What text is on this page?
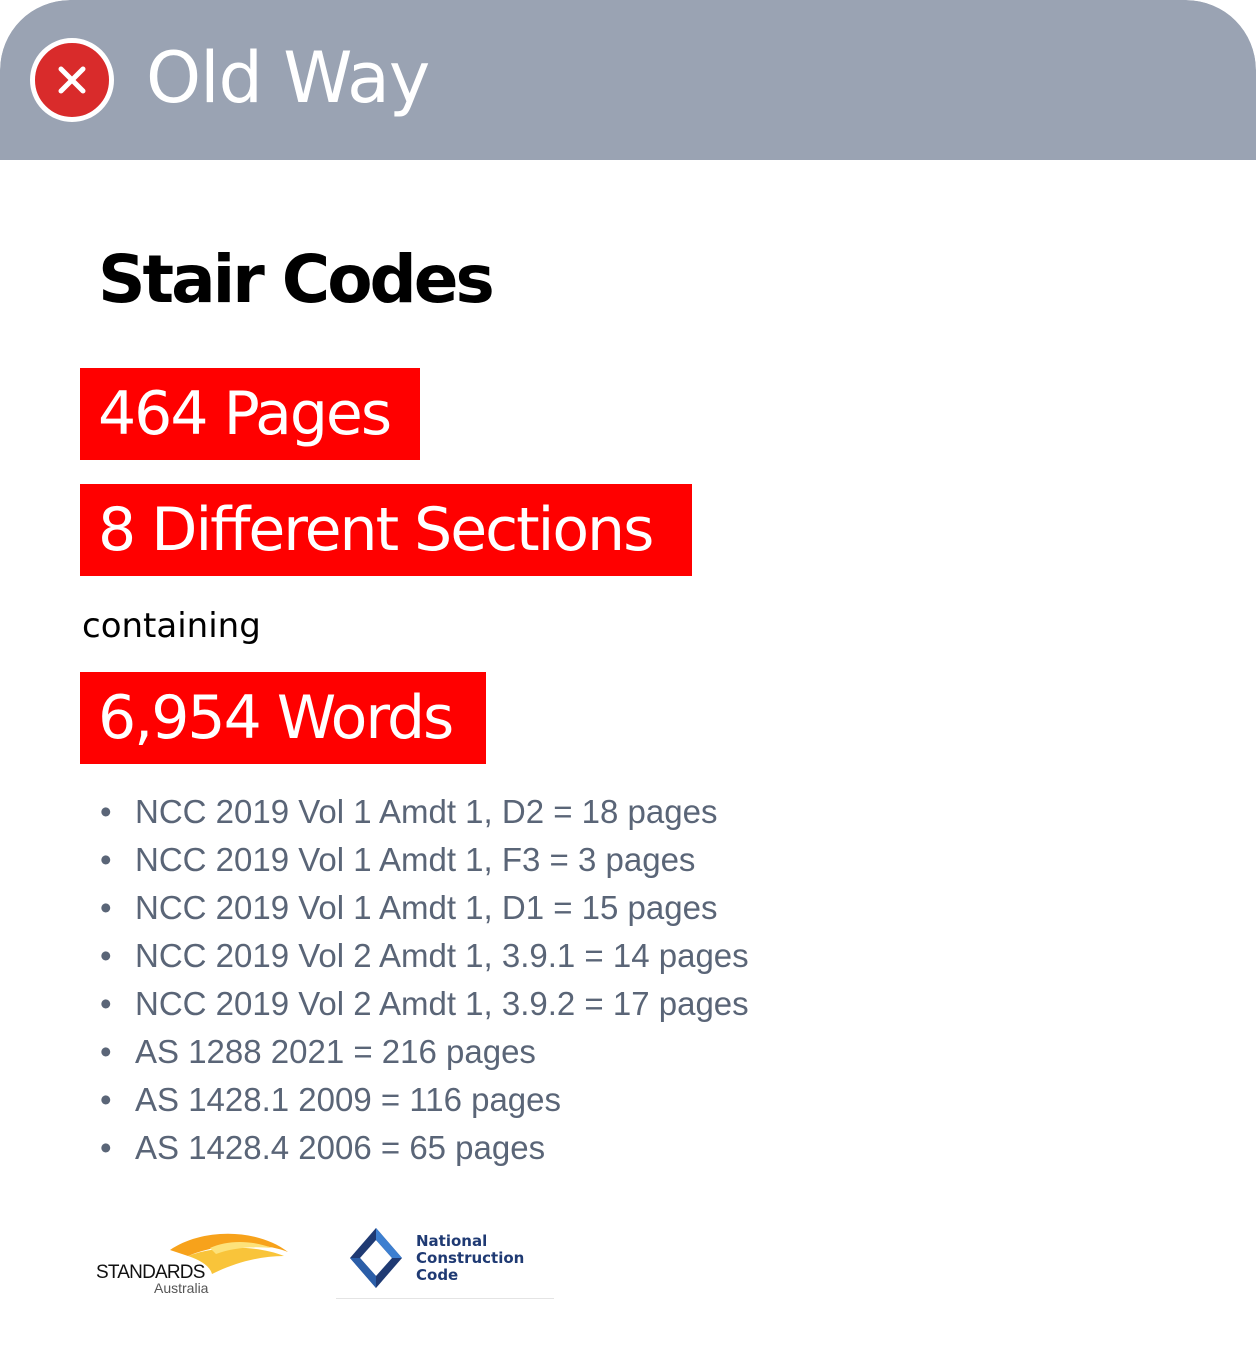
Old Way
Stair Codes
464 Pages
8 Different Sections
containing
6,954 Words
• NCC 2019 Vol 1 Amdt 1, D2 = 18 pages
• NCC 2019 Vol 1 Amdt 1, F3 = 3 pages
• NCC 2019 Vol 1 Amdt 1, D1 = 15 pages
• NCC 2019 Vol 2 Amdt 1, 3.9.1 = 14 pages
• NCC 2019 Vol 2 Amdt 1, 3.9.2 = 17 pages
• AS 1288 2021 = 216 pages
• AS 1428.1 2009 = 116 pages
• AS 1428.4 2006 = 65 pages
STANDARDS
Australia
National
Construction
Code
